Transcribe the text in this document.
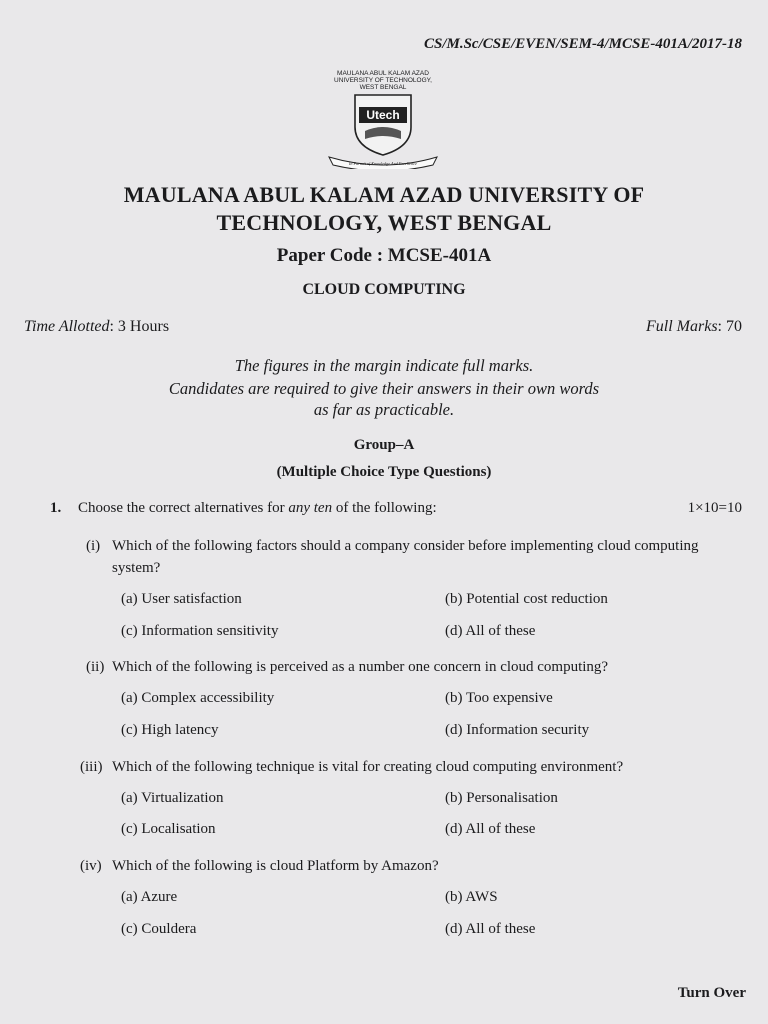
CS/M.Sc/CSE/EVEN/SEM-4/MCSE-401A/2017-18
MAULANA ABUL KALAM AZAD
UNIVERSITY OF TECHNOLOGY,
WEST BENGAL
Utech
In Pursuit of Knowledge And Excellence
MAULANA ABUL KALAM AZAD UNIVERSITY OF
TECHNOLOGY, WEST BENGAL
Paper Code : MCSE-401A
CLOUD COMPUTING
Time Allotted: 3 Hours	Full Marks: 70
The figures in the margin indicate full marks.
Candidates are required to give their answers in their own words
as far as practicable.
Group–A
(Multiple Choice Type Questions)
1. Choose the correct alternatives for any ten of the following:	1×10=10
(i) Which of the following factors should a company consider before implementing cloud computing
system?
(a) User satisfaction	(b) Potential cost reduction
(c) Information sensitivity	(d) All of these
(ii) Which of the following is perceived as a number one concern in cloud computing?
(a) Complex accessibility	(b) Too expensive
(c) High latency	(d) Information security
(iii) Which of the following technique is vital for creating cloud computing environment?
(a) Virtualization	(b) Personalisation
(c) Localisation	(d) All of these
(iv) Which of the following is cloud Platform by Amazon?
(a) Azure	(b) AWS
(c) Couldera	(d) All of these
Turn Over
